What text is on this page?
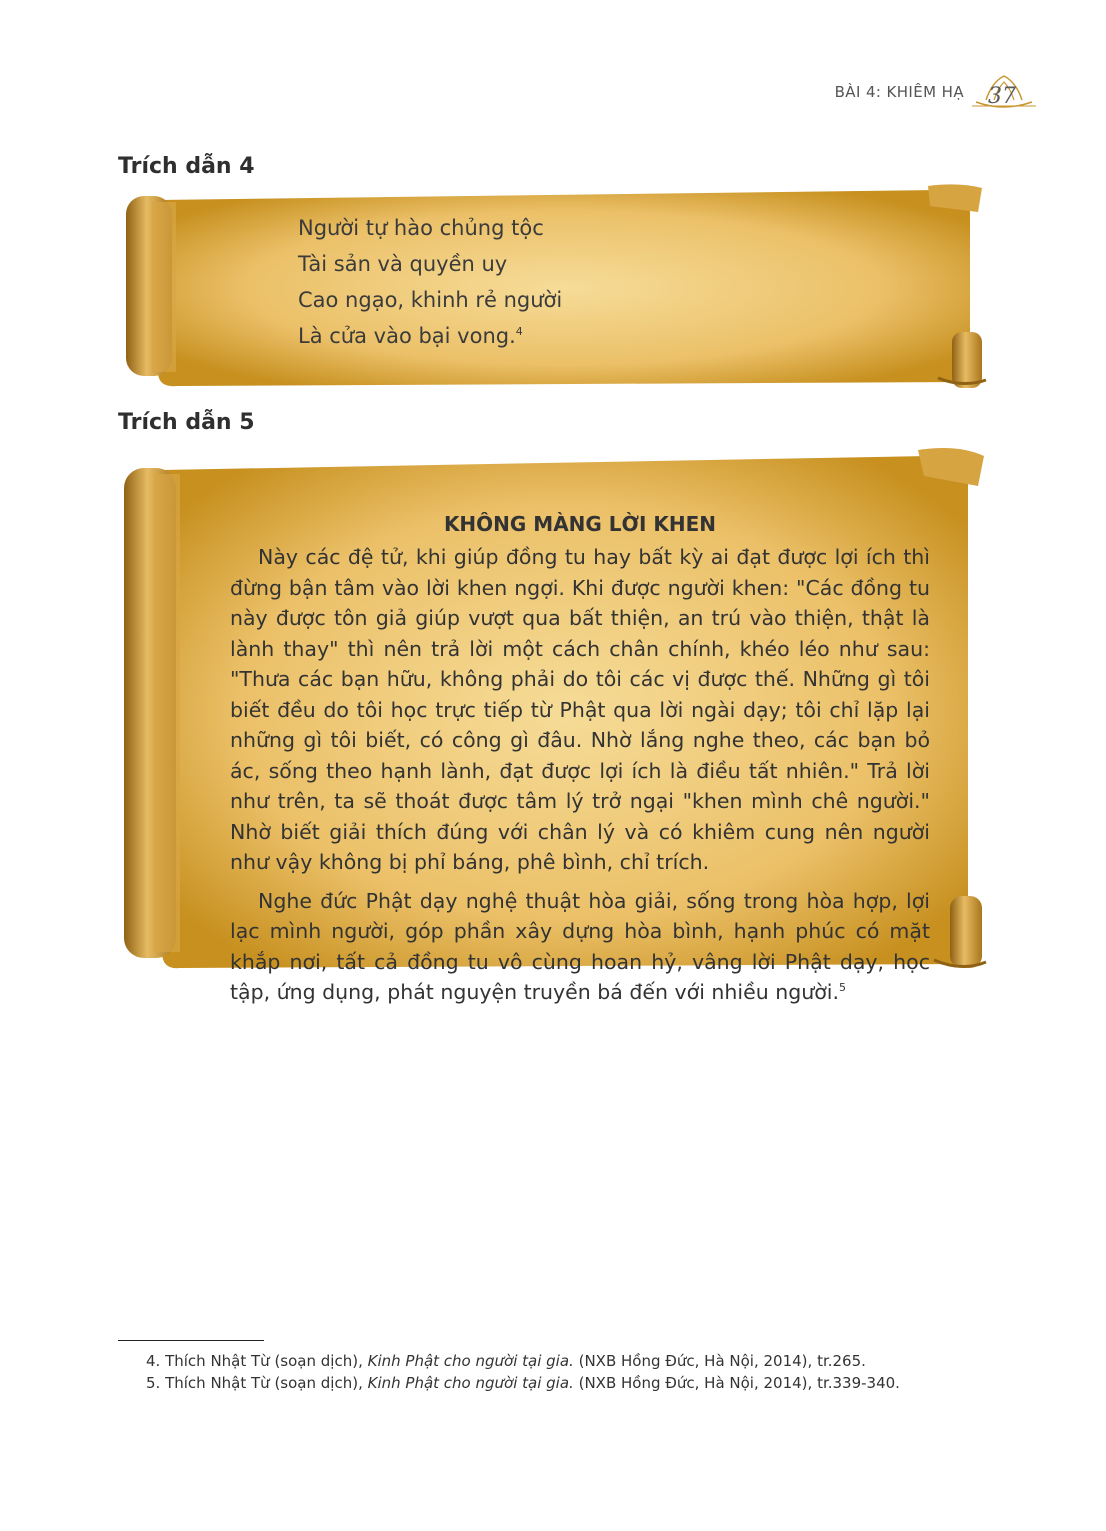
BÀI 4: KHIÊM HẠ 37
Trích dẫn 4
Người tự hào chủng tộc
Tài sản và quyền uy
Cao ngạo, khinh rẻ người
Là cửa vào bại vong.$^4$
Trích dẫn 5
KHÔNG MÀNG LỜI KHEN

Này các đệ tử, khi giúp đồng tu hay bất kỳ ai đạt được lợi ích thì đừng bận tâm vào lời khen ngợi. Khi được người khen: "Các đồng tu này được tôn giả giúp vượt qua bất thiện, an trú vào thiện, thật là lành thay" thì nên trả lời một cách chân chính, khéo léo như sau: "Thưa các bạn hữu, không phải do tôi các vị được thế. Những gì tôi biết đều do tôi học trực tiếp từ Phật qua lời ngài dạy; tôi chỉ lặp lại những gì tôi biết, có công gì đâu. Nhờ lắng nghe theo, các bạn bỏ ác, sống theo hạnh lành, đạt được lợi ích là điều tất nhiên." Trả lời như trên, ta sẽ thoát được tâm lý trở ngại "khen mình chê người." Nhờ biết giải thích đúng với chân lý và có khiêm cung nên người như vậy không bị phỉ báng, phê bình, chỉ trích.

Nghe đức Phật dạy nghệ thuật hòa giải, sống trong hòa hợp, lợi lạc mình người, góp phần xây dựng hòa bình, hạnh phúc có mặt khắp nơi, tất cả đồng tu vô cùng hoan hỷ, vâng lời Phật dạy, học tập, ứng dụng, phát nguyện truyền bá đến với nhiều người.$^5$

4. Thích Nhật Từ (soạn dịch), Kinh Phật cho người tại gia. (NXB Hồng Đức, Hà Nội, 2014), tr.265.

5. Thích Nhật Từ (soạn dịch), Kinh Phật cho người tại gia. (NXB Hồng Đức, Hà Nội, 2014), tr.339-340.
